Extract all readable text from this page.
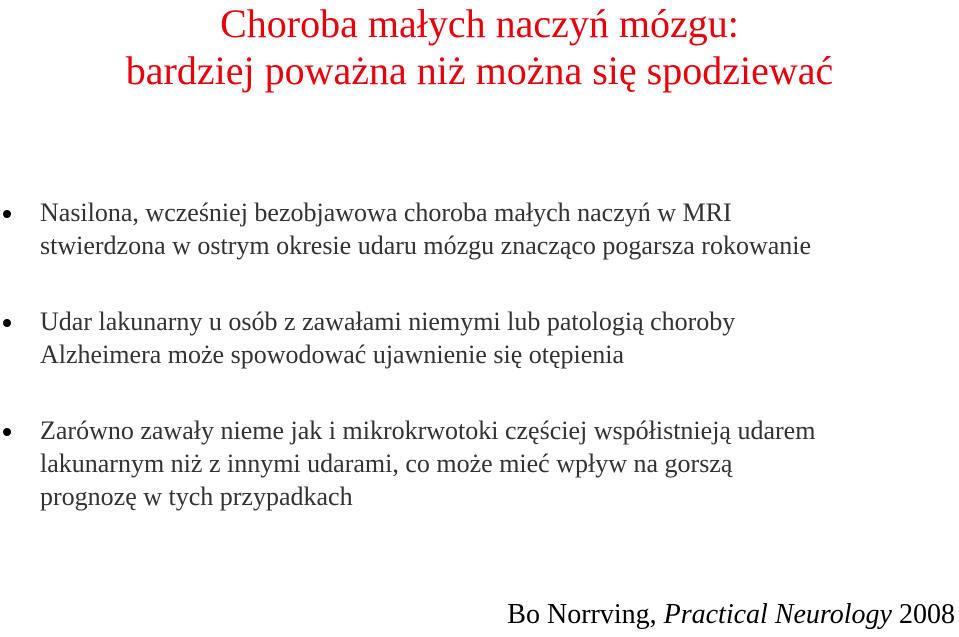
Choroba małych naczyń mózgu:
bardziej poważna niż można się spodziewać
Nasilona, wcześniej bezobjawowa choroba małych naczyń w MRI
stwierdzona w ostrym okresie udaru mózgu znacząco pogarsza rokowanie
Udar lakunarny u osób z zawałami niemymi lub patologią choroby
Alzheimera może spowodować ujawnienie się otępienia
Zarówno zawały nieme jak i mikrokrwotoki częściej współistnieją udarem
lakunarnym niż z innymi udarami, co może mieć wpływ na gorszą
prognozę w tych przypadkach
Bo Norrving, Practical Neurology 2008
